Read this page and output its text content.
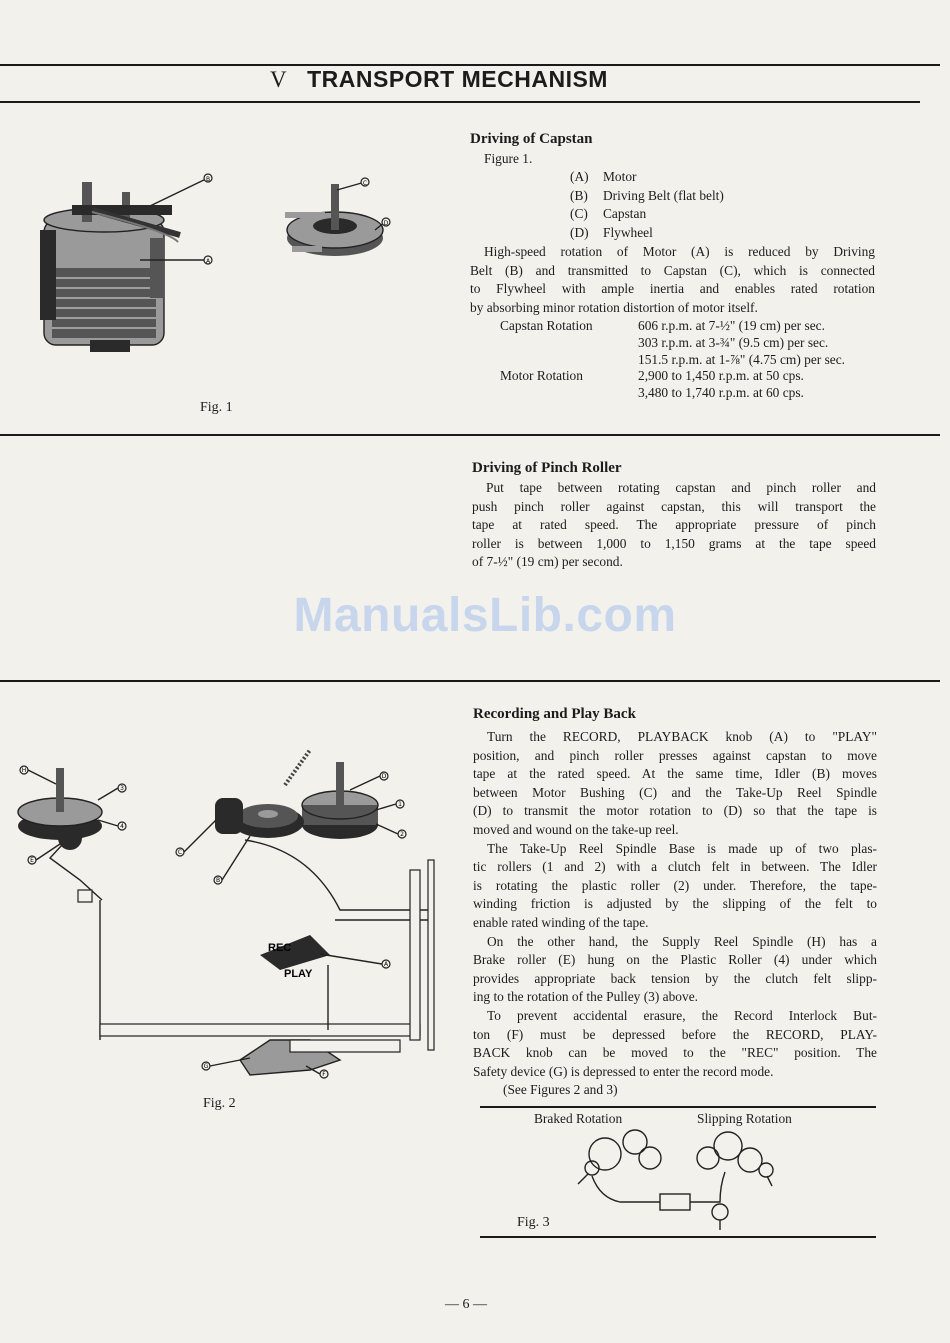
V TRANSPORT MECHANISM
Driving of Capstan
Figure 1.
(A) Motor
(B) Driving Belt (flat belt)
(C) Capstan
(D) Flywheel
High-speed rotation of Motor (A) is reduced by Driving
Belt (B) and transmitted to Capstan (C), which is connected
to Flywheel with ample inertia and enables rated rotation
by absorbing minor rotation distortion of motor itself.
Capstan Rotation	606 r.p.m. at 7-½" (19 cm) per sec.
303 r.p.m. at 3-¾" (9.5 cm) per sec.
151.5 r.p.m. at 1-⅞" (4.75 cm) per sec.
Motor Rotation	2,900 to 1,450 r.p.m. at 50 cps.
3,480 to 1,740 r.p.m. at 60 cps.
B
A
C
D
Fig. 1
Driving of Pinch Roller
Put tape between rotating capstan and pinch roller and
push pinch roller against capstan, this will transport the
tape at rated speed. The appropriate pressure of pinch
roller is between 1,000 to 1,150 grams at the tape speed
of 7-½" (19 cm) per second.
ManualsLib.com
Recording and Play Back
Turn the RECORD, PLAYBACK knob (A) to "PLAY"
position, and pinch roller presses against capstan to move
tape at the rated speed. At the same time, Idler (B) moves
between Motor Bushing (C) and the Take-Up Reel Spindle
(D) to transmit the motor rotation to (D) so that the tape is
moved and wound on the take-up reel.
The Take-Up Reel Spindle Base is made up of two plas-
tic rollers (1 and 2) with a clutch felt in between. The Idler
is rotating the plastic roller (2) under. Therefore, the tape-
winding friction is adjusted by the slipping of the felt to
enable rated winding of the tape.
On the other hand, the Supply Reel Spindle (H) has a
Brake roller (E) hung on the Plastic Roller (4) under which
provides appropriate back tension by the clutch felt slipp-
ing to the rotation of the Pulley (3) above.
To prevent accidental erasure, the Record Interlock But-
ton (F) must be depressed before the RECORD, PLAY-
BACK knob can be moved to the "REC" position. The
Safety device (G) is depressed to enter the record mode.
(See Figures 2 and 3)
REC
PLAY
H
3
4
E
C
B
D
1
2
A
G
F
Fig. 2
Braked Rotation	Slipping Rotation
Fig. 3
— 6 —
